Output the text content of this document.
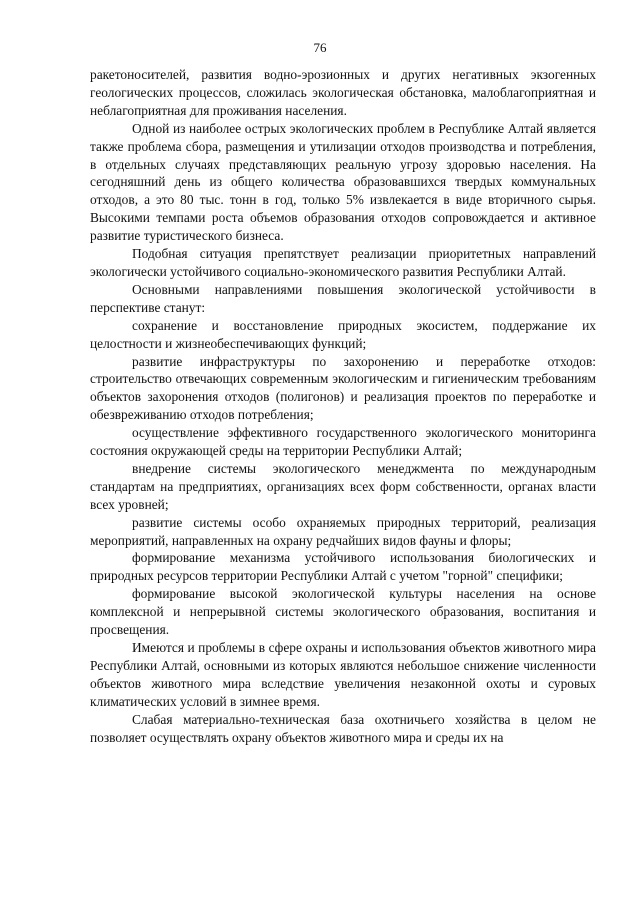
76

ракетоносителей, развития водно-эрозионных и других негативных экзогенных геологических процессов, сложилась экологическая обстановка, малоблагоприятная и неблагоприятная для проживания населения.

Одной из наиболее острых экологических проблем в Республике Алтай является также проблема сбора, размещения и утилизации отходов производства и потребления, в отдельных случаях представляющих реальную угрозу здоровью населения. На сегодняшний день из общего количества образовавшихся твердых коммунальных отходов, а это 80 тыс. тонн в год, только 5% извлекается в виде вторичного сырья. Высокими темпами роста объемов образования отходов сопровождается и активное развитие туристического бизнеса.

Подобная ситуация препятствует реализации приоритетных направлений экологически устойчивого социально-экономического развития Республики Алтай.

Основными направлениями повышения экологической устойчивости в перспективе станут:

сохранение и восстановление природных экосистем, поддержание их целостности и жизнеобеспечивающих функций;

развитие инфраструктуры по захоронению и переработке отходов: строительство отвечающих современным экологическим и гигиеническим требованиям объектов захоронения отходов (полигонов) и реализация проектов по переработке и обезвреживанию отходов потребления;

осуществление эффективного государственного экологического мониторинга состояния окружающей среды на территории Республики Алтай;

внедрение системы экологического менеджмента по международным стандартам на предприятиях, организациях всех форм собственности, органах власти всех уровней;

развитие системы особо охраняемых природных территорий, реализация мероприятий, направленных на охрану редчайших видов фауны и флоры;

формирование механизма устойчивого использования биологических и природных ресурсов территории Республики Алтай с учетом "горной" специфики;

формирование высокой экологической культуры населения на основе комплексной и непрерывной системы экологического образования, воспитания и просвещения.

Имеются и проблемы в сфере охраны и использования объектов животного мира Республики Алтай, основными из которых являются небольшое снижение численности объектов животного мира вследствие увеличения незаконной охоты и суровых климатических условий в зимнее время.

Слабая материально-техническая база охотничьего хозяйства в целом не позволяет осуществлять охрану объектов животного мира и среды их на
